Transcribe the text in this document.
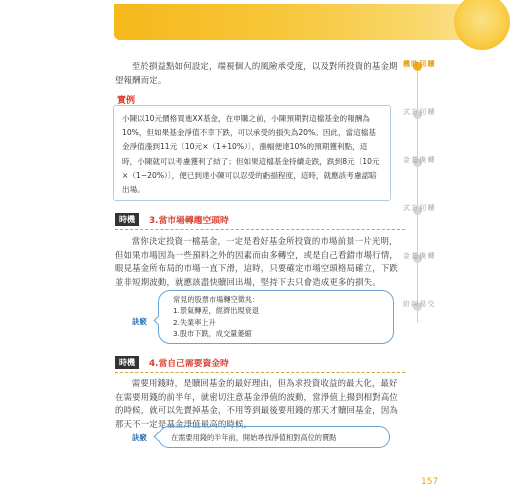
至於損益點如何設定，端視個人的風險承受度，以及對所投資的基金期望報酬而定。

實例
小陳以10元價格買進XX基金，在申購之前，小陳預期對這檔基金的報酬為10%，但如果基金淨值不幸下跌，可以承受的損失為20%。因此，當這檔基金淨值漲到11元〔10元×（1+10%）〕，漲幅便達10%的預期獲利點，這時，小陳就可以考慮獲利了結了；但如果這檔基金持續走跌，跌到8元〔10元×（1−20%）〕，便已到達小陳可以忍受的虧損程度，這時，就應該考慮認賠出場。
時機	3.當市場轉趨空頭時

當你決定投資一檔基金，一定是看好基金所投資的市場前景一片光明，但如果市場因為一些預料之外的因素而由多轉空，或是自己看錯市場行情，眼見基金所布局的市場一直下滑，這時，只要確定市場空頭格局確立，下跌並非短期波動，就應該盡快贖回出場，堅持下去只會造成更多的損失。

訣竅
常見的股票市場轉空徵兆：
1.景氣轉差，經濟出現衰退
2.失業率上升
3.股市下跌，成交量萎縮
時機	4.當自己需要資金時

需要用錢時，是贖回基金的最好理由，但為求投資收益的最大化，最好在需要用錢的前半年，就密切注意基金淨值的波動，當淨值上揚到相對高位的時候，就可以先賣掉基金，不用等到最後要用錢的那天才贖回基金，因為那天不一定是基金淨值最高的時候。

訣竅	在需要用錢的半年前，開始尋找淨值相對高位的賣點
贖回時機
贖回方式
轉換基金
贖回方式
轉換基金
交易糾紛
157
